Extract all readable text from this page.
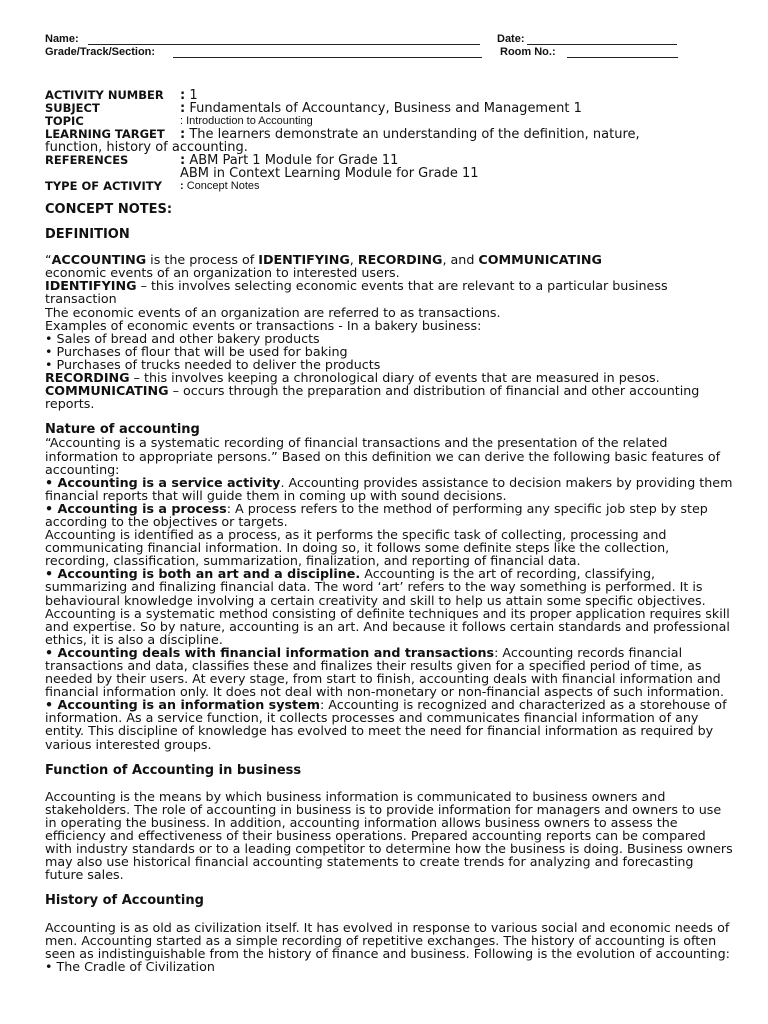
Name:	Date:
Grade/Track/Section:	Room No.:
ACTIVITY NUMBER : 1
SUBJECT	: Fundamentals of Accountancy, Business and Management 1
TOPIC	: Introduction to Accounting
LEARNING TARGET : The learners demonstrate an understanding of the definition, nature,
function, history of accounting.
REFERENCES	: ABM Part 1 Module for Grade 11
ABM in Context Learning Module for Grade 11
TYPE OF ACTIVITY : Concept Notes

CONCEPT NOTES:

DEFINITION

“ACCOUNTING is the process of IDENTIFYING, RECORDING, and COMMUNICATING
economic events of an organization to interested users.

IDENTIFYING – this involves selecting economic events that are relevant to a particular business transaction

The economic events of an organization are referred to as transactions.

Examples of economic events or transactions - In a bakery business:

• Sales of bread and other bakery products

• Purchases of flour that will be used for baking

• Purchases of trucks needed to deliver the products

RECORDING – this involves keeping a chronological diary of events that are measured in pesos.

COMMUNICATING – occurs through the preparation and distribution of financial and other accounting reports.

Nature of accounting

“Accounting is a systematic recording of financial transactions and the presentation of the related information to appropriate persons.” Based on this definition we can derive the following basic features of accounting:

• Accounting is a service activity. Accounting provides assistance to decision makers by providing them financial reports that will guide them in coming up with sound decisions.

• Accounting is a process: A process refers to the method of performing any specific job step by step according to the objectives or targets.

Accounting is identified as a process, as it performs the specific task of collecting, processing and communicating financial information. In doing so, it follows some definite steps like the collection, recording, classification, summarization, finalization, and reporting of financial data.

• Accounting is both an art and a discipline. Accounting is the art of recording, classifying, summarizing and finalizing financial data. The word ‘art’ refers to the way something is performed. It is behavioural knowledge involving a certain creativity and skill to help us attain some specific objectives. Accounting is a systematic method consisting of definite techniques and its proper application requires skill and expertise. So by nature, accounting is an art. And because it follows certain standards and professional ethics, it is also a discipline.

• Accounting deals with financial information and transactions: Accounting records financial transactions and data, classifies these and finalizes their results given for a specified period of time, as needed by their users. At every stage, from start to finish, accounting deals with financial information and financial information only. It does not deal with non-monetary or non-financial aspects of such information.

• Accounting is an information system: Accounting is recognized and characterized as a storehouse of information. As a service function, it collects processes and communicates financial information of any entity. This discipline of knowledge has evolved to meet the need for financial information as required by various interested groups.

Function of Accounting in business

Accounting is the means by which business information is communicated to business owners and stakeholders. The role of accounting in business is to provide information for managers and owners to use in operating the business. In addition, accounting information allows business owners to assess the efficiency and effectiveness of their business operations. Prepared accounting reports can be compared with industry standards or to a leading competitor to determine how the business is doing. Business owners may also use historical financial accounting statements to create trends for analyzing and forecasting future sales.

History of Accounting

Accounting is as old as civilization itself. It has evolved in response to various social and economic needs of men. Accounting started as a simple recording of repetitive exchanges. The history of accounting is often seen as indistinguishable from the history of finance and business. Following is the evolution of accounting:

• The Cradle of Civilization
